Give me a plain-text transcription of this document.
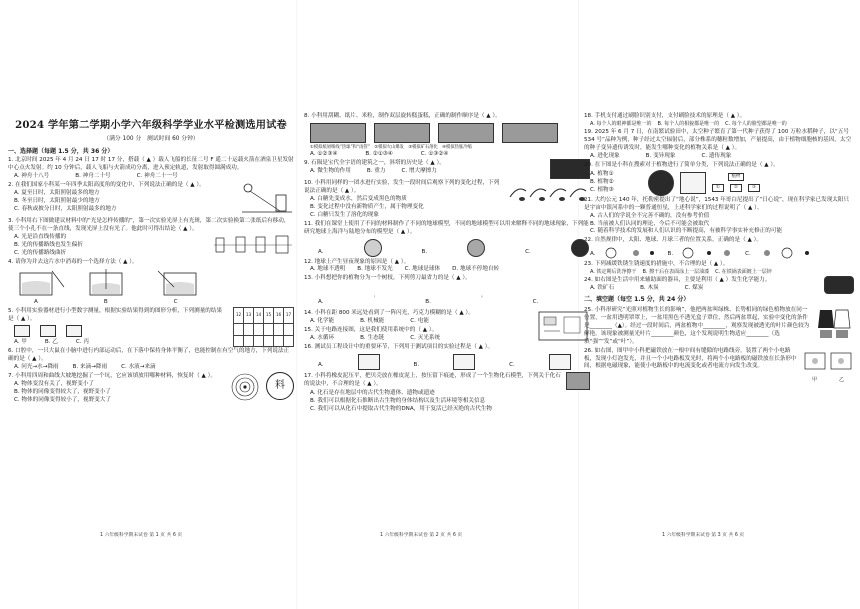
2024 学年第二学期小学六年级科学学业水平检测选用试卷
（满分 100 分　测试时间 60 分钟）
一、选择题（每题 1.5 分，共 36 分）
1. 北京时间 2025 年 4 月 24 日 17 时 17 分，搭载（ ▲ ）载人飞船的长征二号 F 遥二十运载火箭在酒泉卫星发射中心点火发射。约 10 分钟后，载人飞船与火箭成功分离，进入预定轨道，发射取得圆满成功。
A. 神舟十八号	B. 神舟二十号	C. 神舟二十一号
2. 在我们国家小科某一年四季太阳高度角的变化中，下列说法正确的是（ ▲ ）。
A. 夏至日时，太阳照射最多的地方
B. 冬至日时，太阳照射最少的地方
C. 春秋或披分日时，太阳照射最多的地方
3. 小科用右下图做建议材料中的“光是怎样传播的”，第一次实验光屏上有光斑，第二次实验换第二张纸后有移动，使三个小孔不在一条直线，发现光屏上没有光了。他此时可得出结论（ ▲ ）。
A. 光是沿直线传播的
B. 光的传播路线也发生偏折
C. 光的传播路线曲折
4. 请你为并去这片水中消毒的一个选择方法（ ▲ ）。
A	B	C
5. 小科用实验器材进行小型数字测量，根据实验结果得到的图形分析，下列测量的结果是（ ▲ ）。
A. 甲	B. 乙	C. 丙
12	13	14	15	16	17

6. 口腔中，一只大鼠在小脑中进行内部运动后，在下落中保持身体平衡了，也能控制在有空气的地方，下列说法正确的是（ ▲ ）。
A. 问光→水→降雨	B. 来滴→降雨	C. 水液→来滴
7. 小科用四周和曲线大坡地挖掘了一个坑，它应该填放用哪种材料，恢复时（ ▲ ）。
A. 物体变没有关了，视野变小了
B. 物体的同像变得较大了，视野变小了
C. 物体的同像变得较小了，视野变大了
料
8. 小科用刮糊、纸片、米粒，制作双层旋转糕蛋糕，正确的制作顺序是（ ▲ ）。
①模拟纸屑细线“热球”和“雨管”　②模拟火山爆发　③模拟矿石溶化　④模拟热胀冷缩
A. ①②③④	B. ②①③④	C. ①③②④
9. 石陨是宝代全字语的建筑之一，斜塔的历史是（ ▲ ）。
A. 微生物的作用	B. 重力	C. 增大摩擦力
10. 小科用同样的一团水进行实验，发生一段时间后观察下列的变化过程，下列说法正确的是（ ▲ ）。
A. 白糖先变成水，然后变成黑色的物质
B. 变化过程中没有新物质产生，属于物理变化
C. 白糖只发生了溶化的现象
11. 我们在课堂上使用了不同的材料制作了不同的地球模型，不同的地球模型可以用来解释不同的地球现象，下列能研究地球上海洋与陆地分布的模型是（ ▲ ）。
A.	B.	C.
12. 地球上产生昼夜现象的原因是（ ▲ ）。
A. 地球不透明 B. 地球不发光 C. 地球是球体 D. 地球不停地自转
13. 小科想把你的植物分为一个树枝，下列剪刀最省力的是（ ▲ ）。
A.	B.	C.
14. 小科在距 800 米远处看到了一阵闪光，巧克力模糊的是（ ▲ ）。
A. 化学能	B. 机械能	C. 电能
15. 关于电路连接图，这是我们使用系统中的（ ▲ ）。
A. 水循环	B. 生态链	C. 灭光系统
16. 测试员工程设计中的重要环节，下列用于测试项目的实验过程是（ ▲ ）。
A.	B.	C.
17. 小科将橡皮泥压平，把贝壳放在橡皮泥上，按压留下痕迹，形成了一个生物化石模型，下列关于化石的说法中，不合理的是（ ▲ ）。
A. 化石是存在地层中的古代生物遗体、遗物或遗迹
B. 我们可以根据化石推断出古生物的身体结构以及生活环境等相关信息
C. 我们可以从化石中提取古代生物的DNA，用于复活已经灭绝的古代生物
18. 手机支付通过刷脸识别支付，支付刷脸技术的原理是（ ▲ ）。
A. 每个人的眼神都是唯一的 B. 每个人的相貌都是唯一的 C. 每个人的脸型都是唯一的
19. 2025 年 6 月 7 日，在南繁试验田中，太空种子繁育了第一代种子获得了 100 万粒水稻种子，以“五号 534 号”品种为例，种子经过太空辐射后，部分株系的穗粒数增加，产量提高，由于植物细胞核的基因，太空的种子变异遗传诱发时，能发生哪种变化的植物关系是（ ▲ ）。
A. 进化现象	B. 变异现象	C. 遗传现象
20. 在下图是小科在搜索对于植物进行了简单分类，下列说法正确的是（ ▲ ）。
A. 植物①
B. 植物②
C. 植物③
植物
①	②	③
21. 大约公元 140 年，托勒密提出了“地心说”，1543 年哥白尼提出了“日心说”，现在科学家已发现太阳只是宇宙中银河系中的一颗普通恒星，上述科学家们的过程说明了（ ▲ ）。
A. 古人们的学说全不完善不确的，没有参考价值
B. 当前被人们认同的理论，今后不可能会被取代
C. 随着科学技术的发展和人们认识的不断提高，有被科学事实补充修正的可能
22. 自然规律中，太阳、地球、月球三者的位置关系，正确的是（ ▲ ）。
A.	B.	C.
23. 下列减缓铁锈生锈速度的措施中，不合理的是（ ▲ ）。
A. 铁定期后洗净擦干 B. 擦干后在表面涂上一层油漆 C. 在铁锅表面镀上一层锌
24. 如右图是生活中用来辅助面的器具，主要是利用（ ▲ ）发生化学能力。
A. 铁矿石	B. 木炭	C. 煤炭
二、填空题（每空 1.5 分，共 24 分）
25. 小科形研究“光照对植物生长的影响”，他把两盆叫绿株、长势相同的绿色植物放在同一位置，一盆用透明罩罩上，一盆用黑色不透光盒子罩住，然后两盆罩起，实验中变化的条件是________（▲）。经过一段时间后，两盆植物中________，观察发现被透光的叶片颜色较为鲜艳。该现象被测量光叶片________颜色，这个发现说明生物适应________（选填“强”“发”或“叶”）。
26. 如右图，图甲中小科把磁铁放在一根中间有缝隙的电路线旁，装置了两个小电路板，发现小灯泡发光，并且一个小电路板发光时，将两个小电路板的磁铁放在长条形中间，根据电磁现象，能使小电路板中的电流变化或者电流方向发生改变。
甲	乙
1 六年级科学期末试卷 第 1 页 共 6 页	1 六年级科学期末试卷 第 2 页 共 6 页	1 六年级科学期末试卷 第 3 页 共 6 页
